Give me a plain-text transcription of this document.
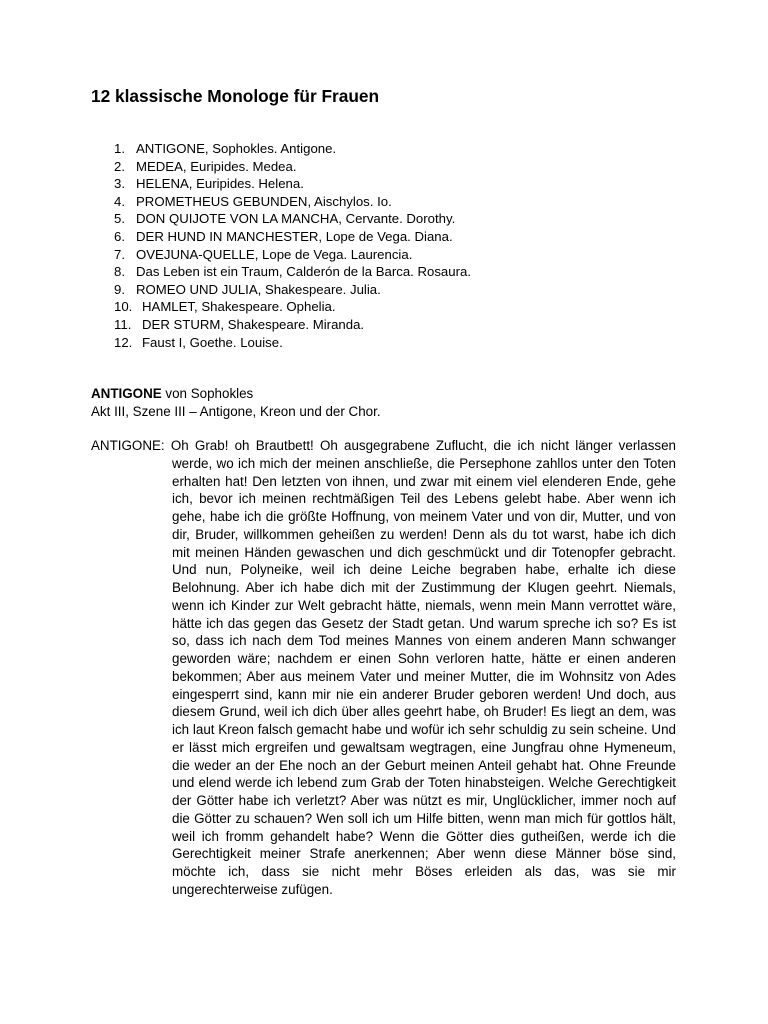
12 klassische Monologe für Frauen
1. ANTIGONE, Sophokles. Antigone.
2. MEDEA, Euripides. Medea.
3. HELENA, Euripides. Helena.
4. PROMETHEUS GEBUNDEN, Aischylos. Io.
5. DON QUIJOTE VON LA MANCHA, Cervante. Dorothy.
6. DER HUND IN MANCHESTER, Lope de Vega. Diana.
7. OVEJUNA-QUELLE, Lope de Vega. Laurencia.
8. Das Leben ist ein Traum, Calderón de la Barca. Rosaura.
9. ROMEO UND JULIA, Shakespeare. Julia.
10. HAMLET, Shakespeare. Ophelia.
11. DER STURM, Shakespeare. Miranda.
12. Faust I, Goethe. Louise.
ANTIGONE von Sophokles
Akt III, Szene III – Antigone, Kreon und der Chor.

ANTIGONE: Oh Grab! oh Brautbett! Oh ausgegrabene Zuflucht, die ich nicht länger verlassen werde, wo ich mich der meinen anschließe, die Persephone zahllos unter den Toten erhalten hat! Den letzten von ihnen, und zwar mit einem viel elenderen Ende, gehe ich, bevor ich meinen rechtmäßigen Teil des Lebens gelebt habe. Aber wenn ich gehe, habe ich die größte Hoffnung, von meinem Vater und von dir, Mutter, und von dir, Bruder, willkommen geheißen zu werden! Denn als du tot warst, habe ich dich mit meinen Händen gewaschen und dich geschmückt und dir Totenopfer gebracht. Und nun, Polyneike, weil ich deine Leiche begraben habe, erhalte ich diese Belohnung. Aber ich habe dich mit der Zustimmung der Klugen geehrt. Niemals, wenn ich Kinder zur Welt gebracht hätte, niemals, wenn mein Mann verrottet wäre, hätte ich das gegen das Gesetz der Stadt getan. Und warum spreche ich so? Es ist so, dass ich nach dem Tod meines Mannes von einem anderen Mann schwanger geworden wäre; nachdem er einen Sohn verloren hatte, hätte er einen anderen bekommen; Aber aus meinem Vater und meiner Mutter, die im Wohnsitz von Ades eingesperrt sind, kann mir nie ein anderer Bruder geboren werden! Und doch, aus diesem Grund, weil ich dich über alles geehrt habe, oh Bruder! Es liegt an dem, was ich laut Kreon falsch gemacht habe und wofür ich sehr schuldig zu sein scheine. Und er lässt mich ergreifen und gewaltsam wegtragen, eine Jungfrau ohne Hymeneum, die weder an der Ehe noch an der Geburt meinen Anteil gehabt hat. Ohne Freunde und elend werde ich lebend zum Grab der Toten hinabsteigen. Welche Gerechtigkeit der Götter habe ich verletzt? Aber was nützt es mir, Unglücklicher, immer noch auf die Götter zu schauen? Wen soll ich um Hilfe bitten, wenn man mich für gottlos hält, weil ich fromm gehandelt habe? Wenn die Götter dies gutheißen, werde ich die Gerechtigkeit meiner Strafe anerkennen; Aber wenn diese Männer böse sind, möchte ich, dass sie nicht mehr Böses erleiden als das, was sie mir ungerechterweise zufügen.
